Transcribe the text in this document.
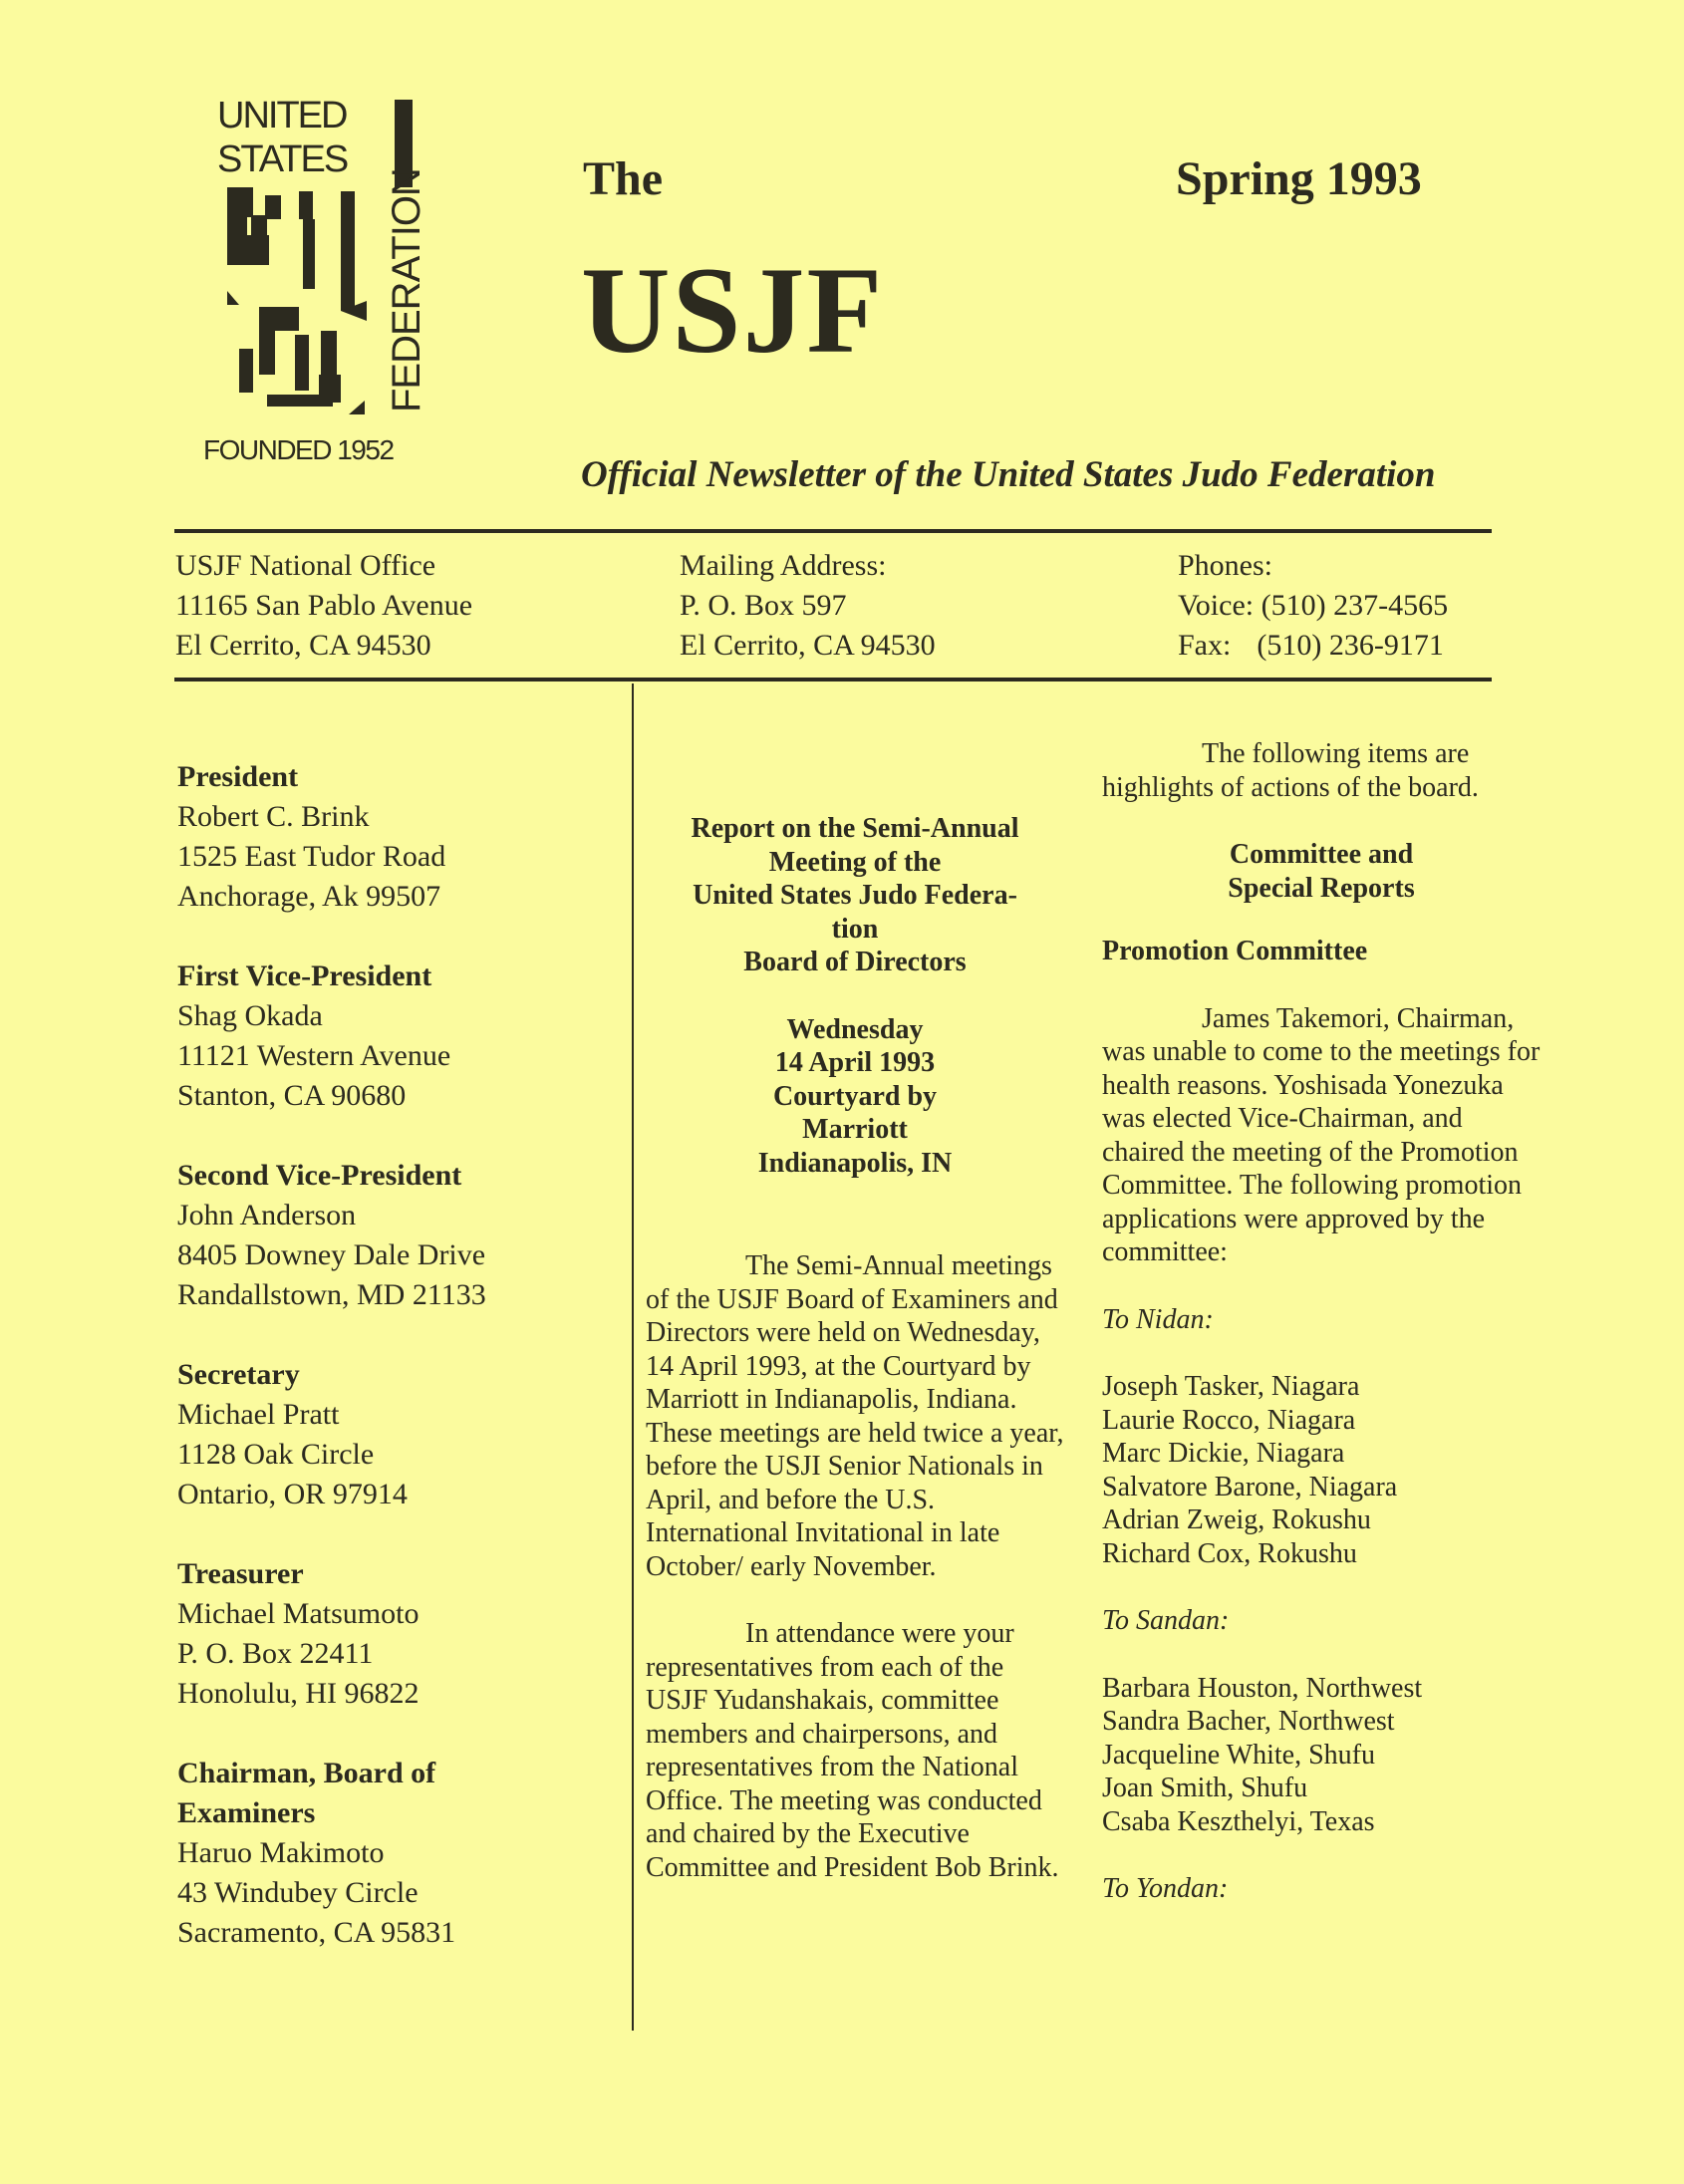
UNITED
STATES
FEDERATION
FOUNDED 1952
The	Spring 1993
USJF
Official Newsletter of the United States Judo Federation
USJF National Office
11165 San Pablo Avenue
El Cerrito, CA 94530
Mailing Address:
P. O. Box 597
El Cerrito, CA 94530
Phones:
Voice: (510) 237-4565
Fax: (510) 236-9171
President
Robert C. Brink
1525 East Tudor Road
Anchorage, Ak 99507
First Vice-President
Shag Okada
11121 Western Avenue
Stanton, CA 90680
Second Vice-President
John Anderson
8405 Downey Dale Drive
Randallstown, MD 21133
Secretary
Michael Pratt
1128 Oak Circle
Ontario, OR 97914
Treasurer
Michael Matsumoto
P. O. Box 22411
Honolulu, HI 96822
Chairman, Board of Examiners
Haruo Makimoto
43 Windubey Circle
Sacramento, CA 95831
Report on the Semi-Annual
Meeting of the
United States Judo Federa-
tion
Board of Directors
Wednesday
14 April 1993
Courtyard by
Marriott
Indianapolis, IN

The Semi-Annual meetings of the USJF Board of Examiners and Directors were held on Wednesday, 14 April 1993, at the Courtyard by Marriott in Indianapolis, Indiana. These meetings are held twice a year, before the USJI Senior Nationals in April, and before the U.S. International Invitational in late October/ early November.

In attendance were your representatives from each of the USJF Yudanshakais, committee members and chairpersons, and representatives from the National Office. The meeting was conducted and chaired by the Executive Committee and President Bob Brink.

The following items are highlights of actions of the board.

Committee and
Special Reports
Promotion Committee

James Takemori, Chairman, was unable to come to the meetings for health reasons. Yoshisada Yonezuka was elected Vice-Chairman, and chaired the meeting of the Promotion Committee. The following promotion applications were approved by the committee:

To Nidan:
Joseph Tasker, Niagara
Laurie Rocco, Niagara
Marc Dickie, Niagara
Salvatore Barone, Niagara
Adrian Zweig, Rokushu
Richard Cox, Rokushu
To Sandan:
Barbara Houston, Northwest
Sandra Bacher, Northwest
Jacqueline White, Shufu
Joan Smith, Shufu
Csaba Keszthelyi, Texas
To Yondan:
